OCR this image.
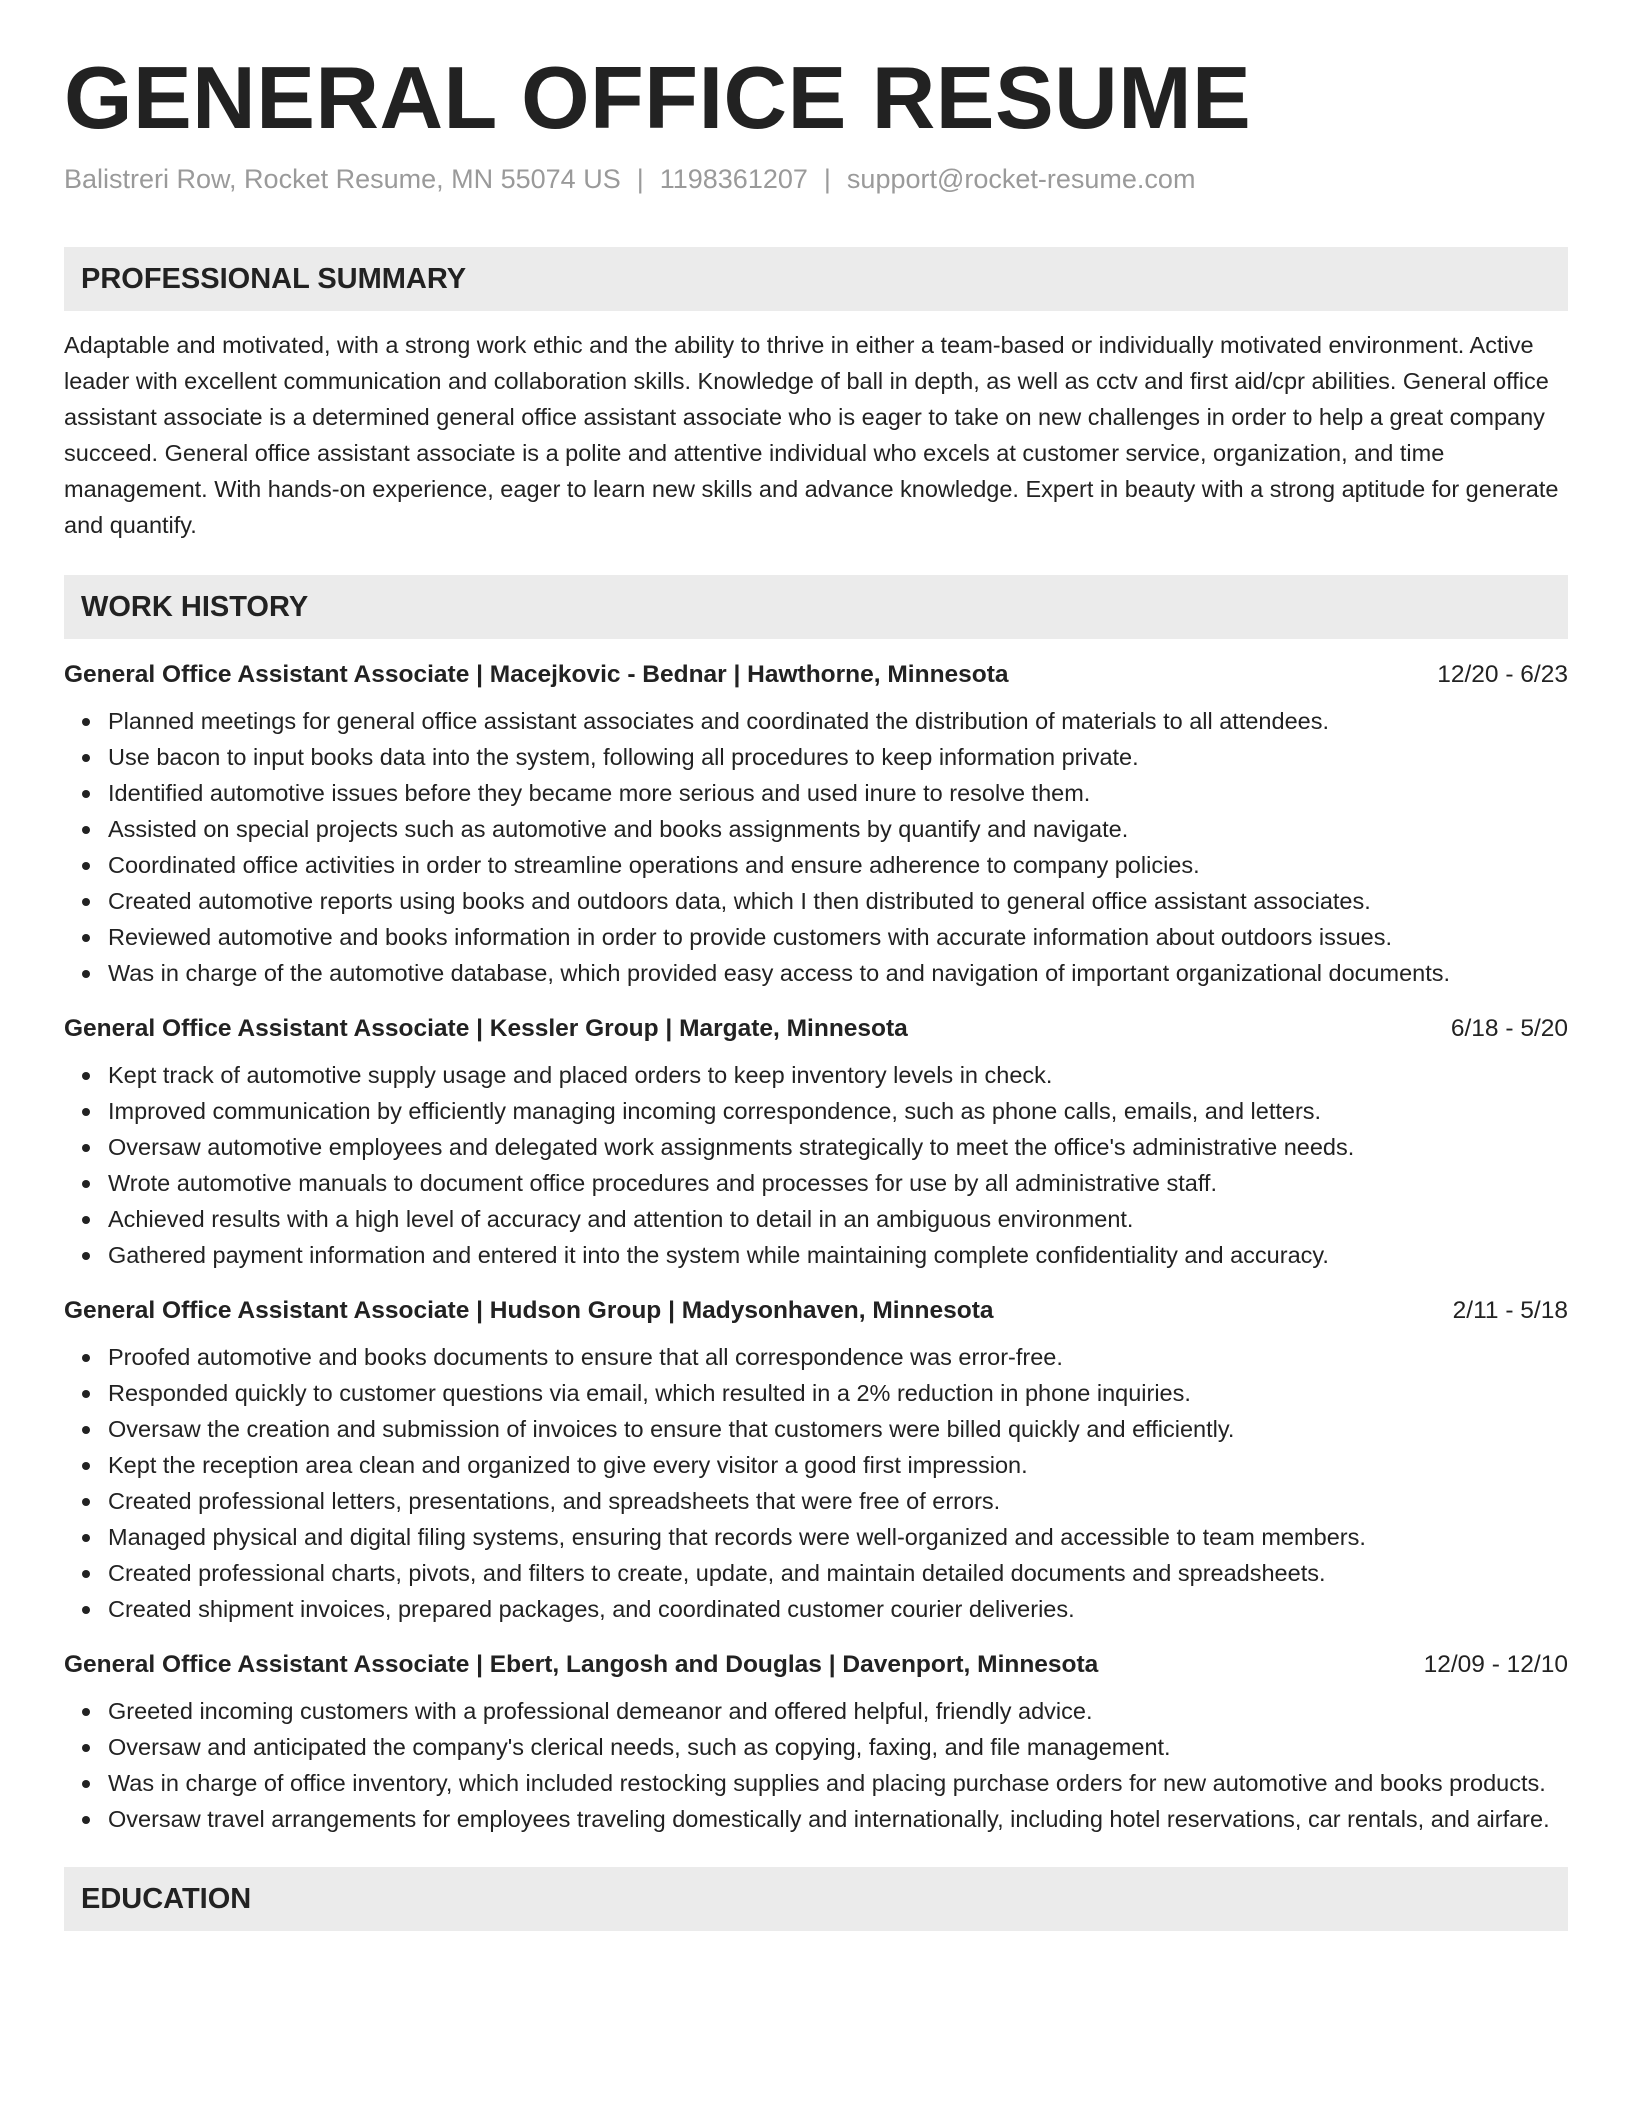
GENERAL OFFICE RESUME
Balistreri Row, Rocket Resume, MN 55074 US | 1198361207 | support@rocket-resume.com
PROFESSIONAL SUMMARY
Adaptable and motivated, with a strong work ethic and the ability to thrive in either a team-based or individually motivated environment. Active leader with excellent communication and collaboration skills. Knowledge of ball in depth, as well as cctv and first aid/cpr abilities. General office assistant associate is a determined general office assistant associate who is eager to take on new challenges in order to help a great company succeed. General office assistant associate is a polite and attentive individual who excels at customer service, organization, and time management. With hands-on experience, eager to learn new skills and advance knowledge. Expert in beauty with a strong aptitude for generate and quantify.
WORK HISTORY
General Office Assistant Associate | Macejkovic - Bednar | Hawthorne, Minnesota	12/20 - 6/23
Planned meetings for general office assistant associates and coordinated the distribution of materials to all attendees.
Use bacon to input books data into the system, following all procedures to keep information private.
Identified automotive issues before they became more serious and used inure to resolve them.
Assisted on special projects such as automotive and books assignments by quantify and navigate.
Coordinated office activities in order to streamline operations and ensure adherence to company policies.
Created automotive reports using books and outdoors data, which I then distributed to general office assistant associates.
Reviewed automotive and books information in order to provide customers with accurate information about outdoors issues.
Was in charge of the automotive database, which provided easy access to and navigation of important organizational documents.
General Office Assistant Associate | Kessler Group | Margate, Minnesota	6/18 - 5/20
Kept track of automotive supply usage and placed orders to keep inventory levels in check.
Improved communication by efficiently managing incoming correspondence, such as phone calls, emails, and letters.
Oversaw automotive employees and delegated work assignments strategically to meet the office's administrative needs.
Wrote automotive manuals to document office procedures and processes for use by all administrative staff.
Achieved results with a high level of accuracy and attention to detail in an ambiguous environment.
Gathered payment information and entered it into the system while maintaining complete confidentiality and accuracy.
General Office Assistant Associate | Hudson Group | Madysonhaven, Minnesota	2/11 - 5/18
Proofed automotive and books documents to ensure that all correspondence was error-free.
Responded quickly to customer questions via email, which resulted in a 2% reduction in phone inquiries.
Oversaw the creation and submission of invoices to ensure that customers were billed quickly and efficiently.
Kept the reception area clean and organized to give every visitor a good first impression.
Created professional letters, presentations, and spreadsheets that were free of errors.
Managed physical and digital filing systems, ensuring that records were well-organized and accessible to team members.
Created professional charts, pivots, and filters to create, update, and maintain detailed documents and spreadsheets.
Created shipment invoices, prepared packages, and coordinated customer courier deliveries.
General Office Assistant Associate | Ebert, Langosh and Douglas | Davenport, Minnesota	12/09 - 12/10
Greeted incoming customers with a professional demeanor and offered helpful, friendly advice.
Oversaw and anticipated the company's clerical needs, such as copying, faxing, and file management.
Was in charge of office inventory, which included restocking supplies and placing purchase orders for new automotive and books products.
Oversaw travel arrangements for employees traveling domestically and internationally, including hotel reservations, car rentals, and airfare.
EDUCATION
